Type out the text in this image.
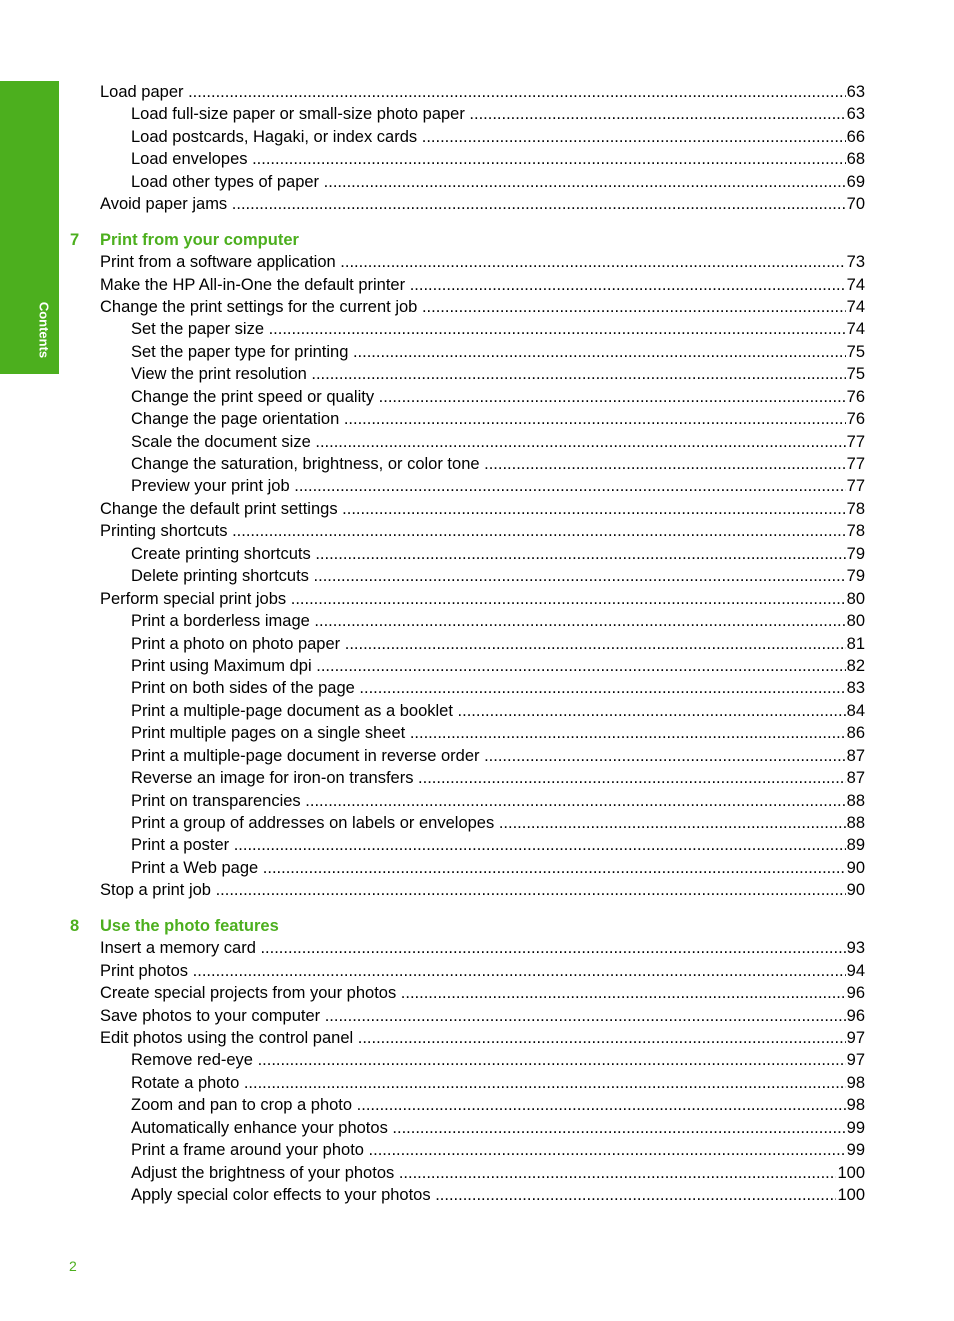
Contents
Load paper .....	63
Load full-size paper or small-size photo paper .....	63
Load postcards, Hagaki, or index cards .....	66
Load envelopes .....	68
Load other types of paper .....	69
Avoid paper jams .....	70
7 Print from your computer
Print from a software application .....	73
Make the HP All-in-One the default printer .....	74
Change the print settings for the current job .....	74
Set the paper size .....	74
Set the paper type for printing .....	75
View the print resolution .....	75
Change the print speed or quality .....	76
Change the page orientation .....	76
Scale the document size .....	77
Change the saturation, brightness, or color tone .....	77
Preview your print job .....	77
Change the default print settings .....	78
Printing shortcuts .....	78
Create printing shortcuts .....	79
Delete printing shortcuts .....	79
Perform special print jobs .....	80
Print a borderless image .....	80
Print a photo on photo paper .....	81
Print using Maximum dpi .....	82
Print on both sides of the page .....	83
Print a multiple-page document as a booklet .....	84
Print multiple pages on a single sheet .....	86
Print a multiple-page document in reverse order .....	87
Reverse an image for iron-on transfers .....	87
Print on transparencies .....	88
Print a group of addresses on labels or envelopes .....	88
Print a poster .....	89
Print a Web page .....	90
Stop a print job .....	90
8 Use the photo features
Insert a memory card .....	93
Print photos .....	94
Create special projects from your photos .....	96
Save photos to your computer .....	96
Edit photos using the control panel .....	97
Remove red-eye .....	97
Rotate a photo .....	98
Zoom and pan to crop a photo .....	98
Automatically enhance your photos .....	99
Print a frame around your photo .....	99
Adjust the brightness of your photos .....	100
Apply special color effects to your photos .....	100
2
